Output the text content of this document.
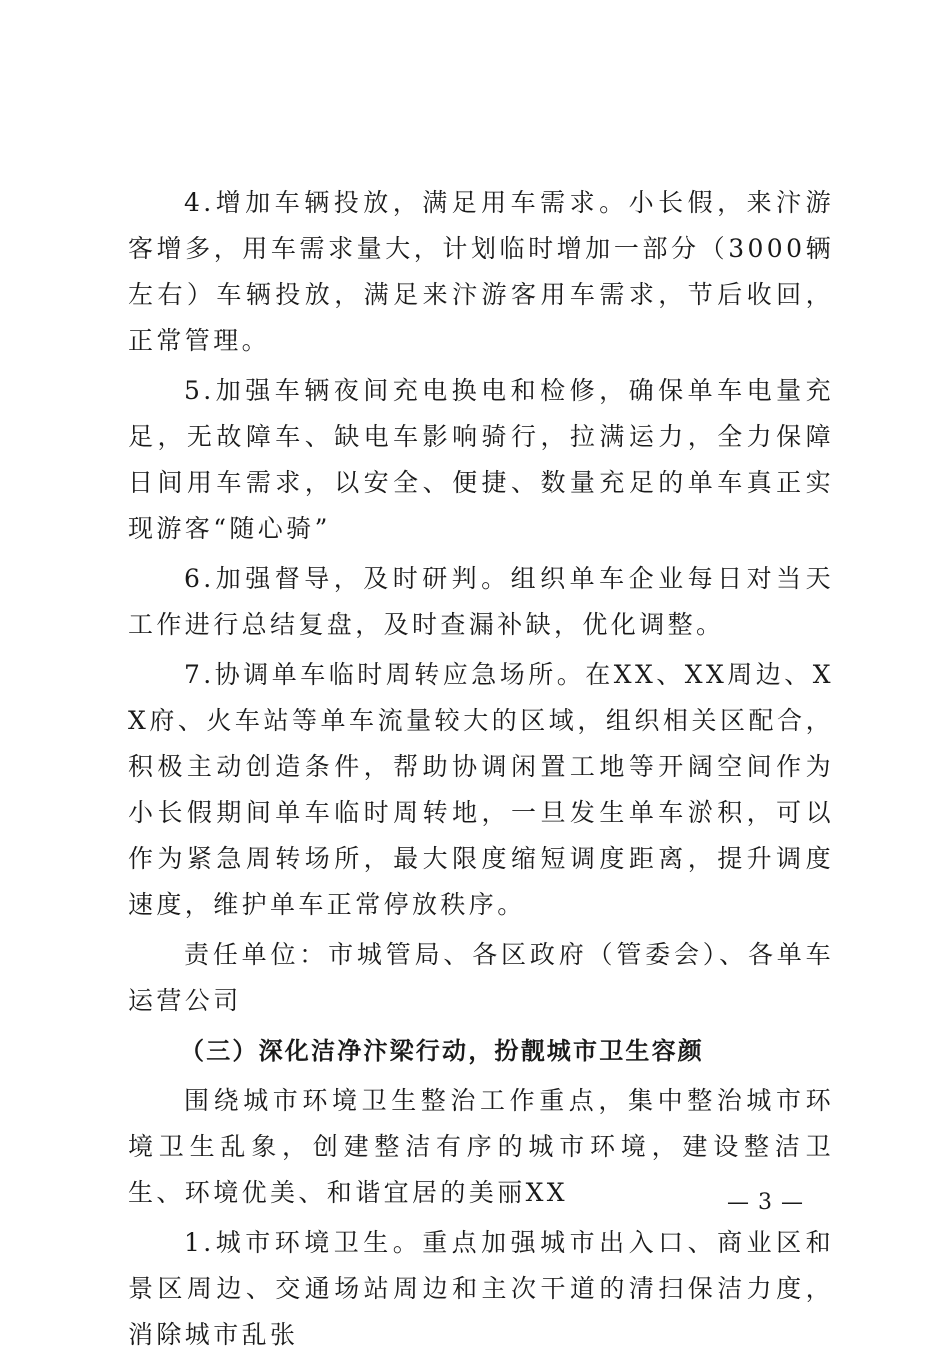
4.增加车辆投放，满足用车需求。小长假，来汴游客增多，用车需求量大，计划临时增加一部分（3000辆左右）车辆投放，满足来汴游客用车需求，节后收回，正常管理。

5.加强车辆夜间充电换电和检修，确保单车电量充足，无故障车、缺电车影响骑行，拉满运力，全力保障日间用车需求，以安全、便捷、数量充足的单车真正实现游客“随心骑”

6.加强督导，及时研判。组织单车企业每日对当天工作进行总结复盘，及时查漏补缺，优化调整。

7.协调单车临时周转应急场所。在XX、XX周边、XX府、火车站等单车流量较大的区域，组织相关区配合，积极主动创造条件，帮助协调闲置工地等开阔空间作为小长假期间单车临时周转地，一旦发生单车淤积，可以作为紧急周转场所，最大限度缩短调度距离，提升调度速度，维护单车正常停放秩序。

责任单位：市城管局、各区政府（管委会）、各单车运营公司

（三）深化洁净汴梁行动，扮靓城市卫生容颜

围绕城市环境卫生整治工作重点，集中整治城市环境卫生乱象，创建整洁有序的城市环境，建设整洁卫生、环境优美、和谐宜居的美丽XX

1.城市环境卫生。重点加强城市出入口、商业区和景区周边、交通场站周边和主次干道的清扫保洁力度，消除城市乱张

— 3 —
